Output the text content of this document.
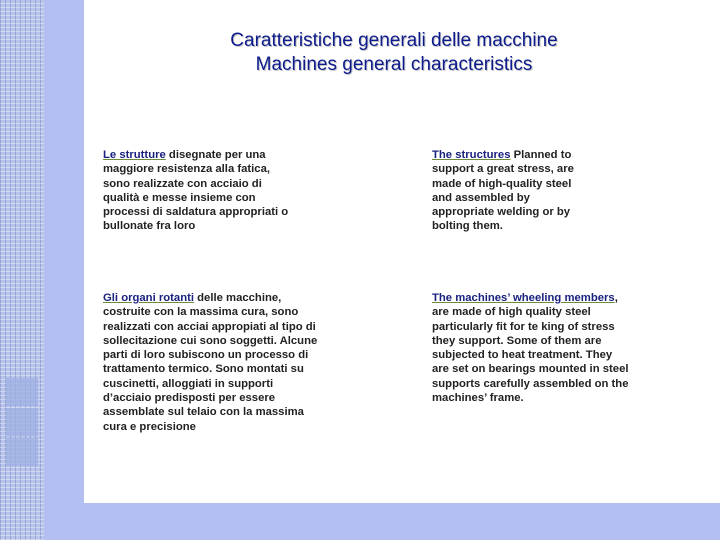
Caratteristiche generali delle macchine
Machines general characteristics
Le strutture disegnate per una
maggiore resistenza alla fatica,
sono realizzate con acciaio di
qualità e messe insieme con
processi di saldatura appropriati o
bullonate fra loro
The structures Planned to
support a great stress, are
made of high-quality steel
and assembled by
appropriate welding or by
bolting them.
Gli organi rotanti delle macchine,
costruite con la massima cura, sono
realizzati con acciai appropiati al tipo di
sollecitazione cui sono soggetti. Alcune
parti di loro subiscono un processo di
trattamento termico. Sono montati su
cuscinetti, alloggiati in supporti
d’acciaio predisposti per essere
assemblate sul telaio con la massima
cura e precisione
The machines’ wheeling members,
are made of high quality steel
particularly fit for te king of stress
they support. Some of them are
subjected to heat treatment. They
are set on bearings mounted in steel
supports carefully assembled on the
machines’ frame.
